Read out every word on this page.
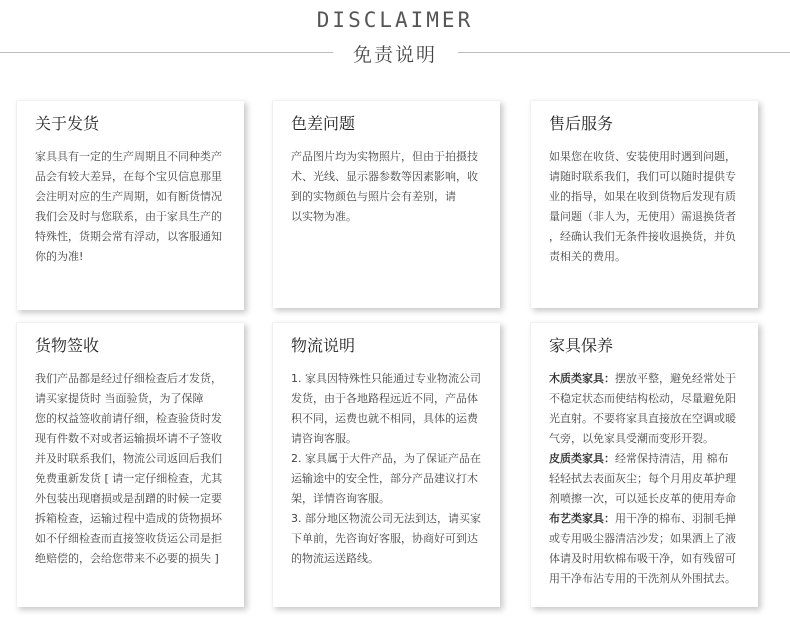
DISCLAIMER
免责说明
关于发货
家具具有一定的生产周期且不同种类产
品会有较大差异，在每个宝贝信息那里
会注明对应的生产周期，如有断货情况
我们会及时与您联系，由于家具生产的
特殊性，货期会常有浮动，以客服通知
你的为准!
色差问题
产品图片均为实物照片，但由于拍摄技
术、光线、显示器参数等因素影响，收
到的实物颜色与照片会有差别，请
以实物为准。
售后服务
如果您在收货、安装使用时遇到问题，
请随时联系我们，我们可以随时提供专
业的指导，如果在收到货物后发现有质
量问题（非人为，无使用）需退换货者
，经确认我们无条件接收退换货，并负
责相关的费用。
货物签收
我们产品都是经过仔细检查后才发货，
请买家提货时 当面验货，为了保障
您的权益签收前请仔细，检查验货时发
现有件数不对或者运输损坏请不子签收
并及时联系我们，物流公司返回后我们
免费重新发货 [ 请一定仔细检查，尤其
外包装出现磨损或是刮蹭的时候一定要
拆箱检查，运输过程中造成的货物损坏
如不仔细检查而直接签收货运公司是拒
绝赔偿的，会给您带来不必要的损失 ]
物流说明
1. 家具因特殊性只能通过专业物流公司
发货，由于各地路程远近不同，产品体
积不同，运费也就不相同，具体的运费
请咨询客服。
2. 家具属于大件产品，为了保证产品在
运输途中的安全性，部分产品建议打木
架，详情咨询客服。
3. 部分地区物流公司无法到达，请买家
下单前，先咨询好客服，协商好可到达
的物流运送路线。
家具保养
木质类家具：摆放平整，避免经常处于
不稳定状态而使结构松动，尽量避免阳
光直射。不要将家具直接放在空调或暖
气旁，以免家具受潮而变形开裂。
皮质类家具：经常保持清洁，用 棉布
轻轻拭去表面灰尘；每个月用皮革护理
剂喷擦一次，可以延长皮革的使用寿命
布艺类家具：用干净的棉布、羽制毛掸
或专用吸尘器清洁沙发；如果洒上了液
体请及时用软棉布吸干净，如有残留可
用干净布沾专用的干洗剂从外围拭去。
